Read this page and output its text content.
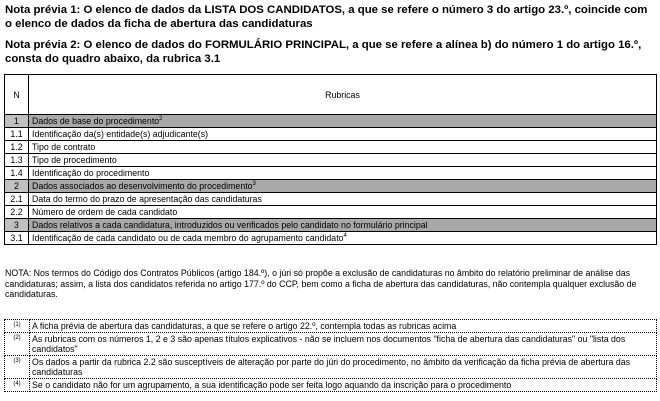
Nota prévia 1: O elenco de dados da LISTA DOS CANDIDATOS, a que se refere o número 3 do artigo 23.º, coincide com o elenco de dados da ficha de abertura das candidaturas
Nota prévia 2: O elenco de dados do FORMULÁRIO PRINCIPAL, a que se refere a alínea b) do número 1 do artigo 16.º, consta do quadro abaixo, da rubrica 3.1
N	Rubricas
1	Dados de base do procedimento$^2$
1.1	Identificação da(s) entidade(s) adjudicante(s)
1.2	Tipo de contrato
1.3	Tipo de procedimento
1.4	Identificação do procedimento
2	Dados associados ao desenvolvimento do procedimento$^3$
2.1	Data do termo do prazo de apresentação das candidaturas
2.2	Número de ordem de cada candidato
3	Dados relativos a cada candidatura, introduzidos ou verificados pelo candidato no formulário principal
3.1	Identificação de cada candidato ou de cada membro do agrupamento candidato$^4$
NOTA: Nos termos do Código dos Contratos Públicos (artigo 184.º), o júri só propõe a exclusão de candidaturas no âmbito do relatório preliminar de análise das candidaturas; assim, a lista dos candidatos referida no artigo 177.º do CCP, bem como a ficha de abertura das candidaturas, não contempla qualquer exclusão de candidaturas.
(1)	A ficha prévia de abertura das candidaturas, a que se refere o artigo 22.º, contempla todas as rubricas acima
(2)	As rubricas com os números 1, 2 e 3 são apenas títulos explicativos - não se incluem nos documentos "ficha de abertura das candidaturas" ou "lista dos candidatos"
(3)	Os dados a partir da rubrica 2.2 são susceptíveis de alteração por parte do júri do procedimento, no âmbito da verificação da ficha prévia de abertura das candidaturas
(4)	Se o candidato não for um agrupamento, a sua identificação pode ser feita logo aquando da inscrição para o procedimento
